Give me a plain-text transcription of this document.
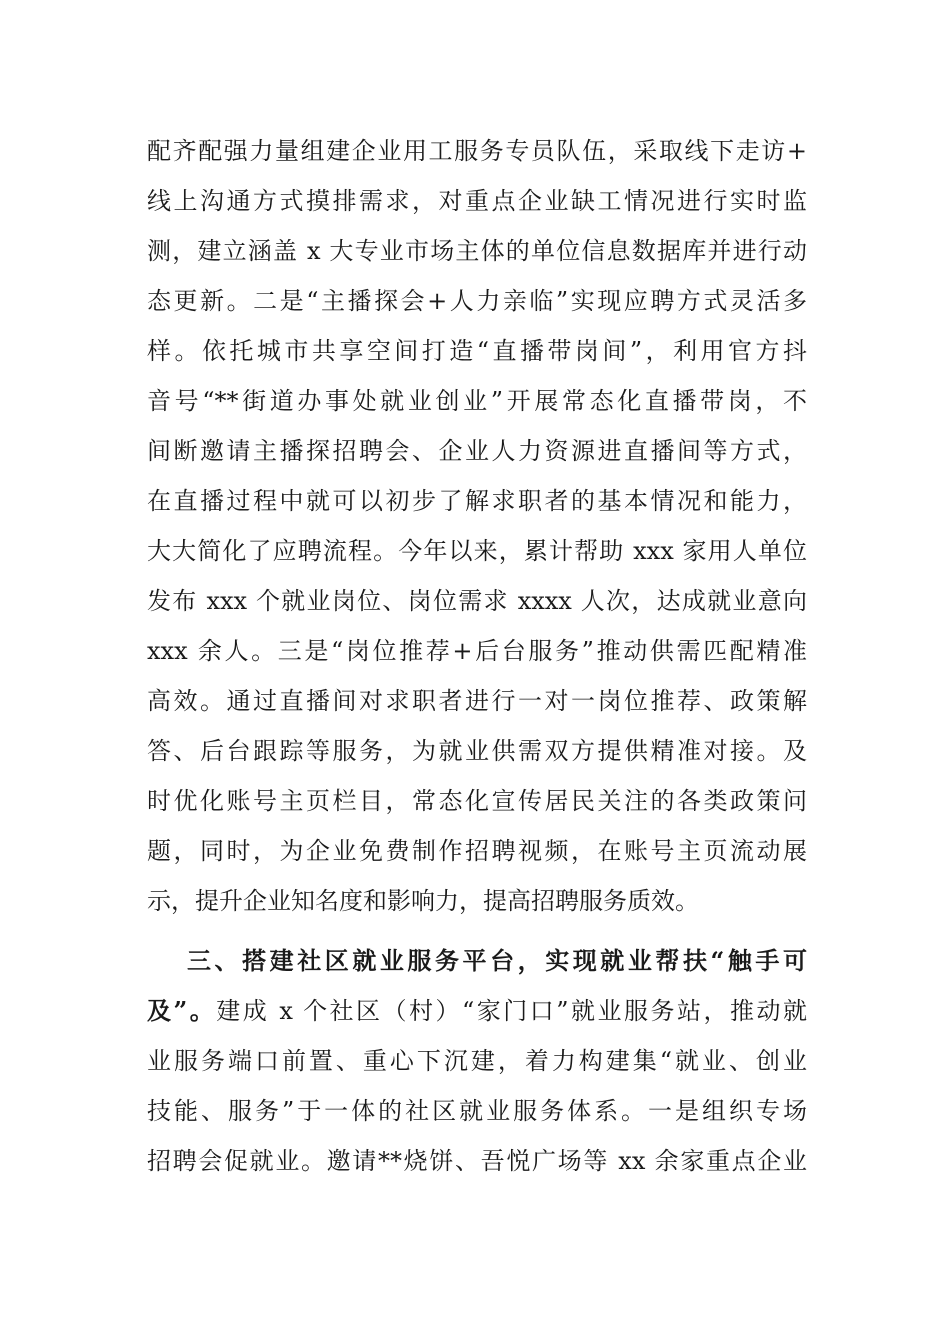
配齐配强力量组建企业用工服务专员队伍，采取线下走访+
线上沟通方式摸排需求，对重点企业缺工情况进行实时监
测，建立涵盖 x 大专业市场主体的单位信息数据库并进行动
态更新。二是“主播探会+人力亲临”实现应聘方式灵活多
样。依托城市共享空间打造“直播带岗间”，利用官方抖
音号“**街道办事处就业创业”开展常态化直播带岗，不
间断邀请主播探招聘会、企业人力资源进直播间等方式，
在直播过程中就可以初步了解求职者的基本情况和能力，
大大简化了应聘流程。今年以来，累计帮助 xxx 家用人单位
发布 xxx 个就业岗位、岗位需求 xxxx 人次，达成就业意向
xxx 余人。三是“岗位推荐+后台服务”推动供需匹配精准
高效。通过直播间对求职者进行一对一岗位推荐、政策解
答、后台跟踪等服务，为就业供需双方提供精准对接。及
时优化账号主页栏目，常态化宣传居民关注的各类政策问
题，同时，为企业免费制作招聘视频，在账号主页流动展
示，提升企业知名度和影响力，提高招聘服务质效。
三、搭建社区就业服务平台，实现就业帮扶“触手可
及”。建成 x 个社区（村）“家门口”就业服务站，推动就
业服务端口前置、重心下沉建，着力构建集“就业、创业
技能、服务”于一体的社区就业服务体系。一是组织专场
招聘会促就业。邀请**烧饼、吾悦广场等 xx 余家重点企业
